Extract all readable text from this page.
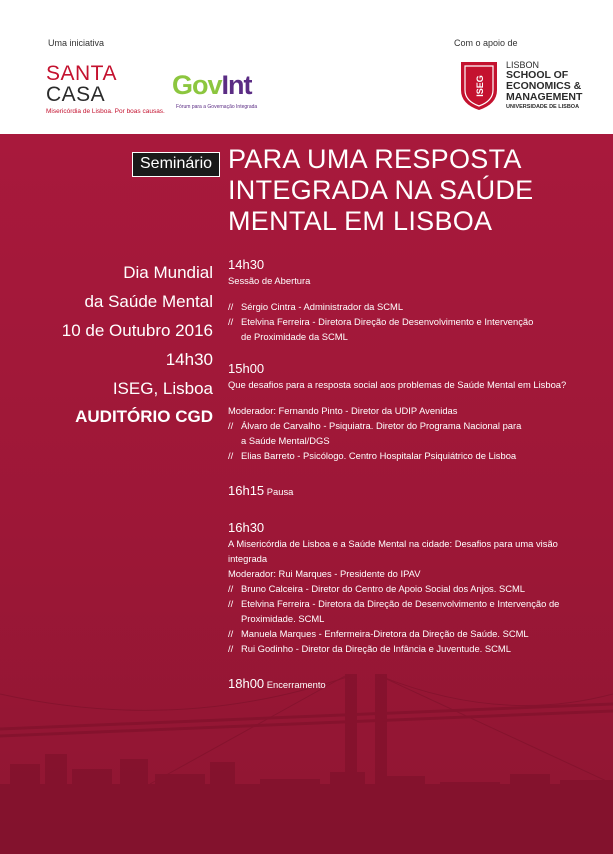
Uma iniciativa	Com o apoio de
SANTA
CASA
Misericórdia de Lisboa. Por boas causas.
GovInt
Fórum para a Governação Integrada
ISEG
LISBON
SCHOOL OF
ECONOMICS &
MANAGEMENT
UNIVERSIDADE DE LISBOA
Seminário PARA UMA RESPOSTA
INTEGRADA NA SAÚDE
MENTAL EM LISBOA
Dia Mundial
da Saúde Mental
10 de Outubro 2016
14h30
ISEG, Lisboa
AUDITÓRIO CGD
14h30
Sessão de Abertura
// Sérgio Cintra - Administrador da SCML
// Etelvina Ferreira - Diretora Direção de Desenvolvimento e Intervenção
de Proximidade da SCML
15h00
Que desafios para a resposta social aos problemas de Saúde Mental em Lisboa?
Moderador: Fernando Pinto - Diretor da UDIP Avenidas
// Álvaro de Carvalho - Psiquiatra. Diretor do Programa Nacional para
a Saúde Mental/DGS
// Elias Barreto - Psicólogo. Centro Hospitalar Psiquiátrico de Lisboa
16h15 Pausa
16h30
A Misericórdia de Lisboa e a Saúde Mental na cidade: Desafios para uma visão
integrada
Moderador: Rui Marques - Presidente do IPAV
// Bruno Calceira - Diretor do Centro de Apoio Social dos Anjos. SCML
// Etelvina Ferreira - Diretora da Direção de Desenvolvimento e Intervenção de
Proximidade. SCML
// Manuela Marques - Enfermeira-Diretora da Direção de Saúde. SCML
// Rui Godinho - Diretor da Direção de Infância e Juventude. SCML
18h00 Encerramento
